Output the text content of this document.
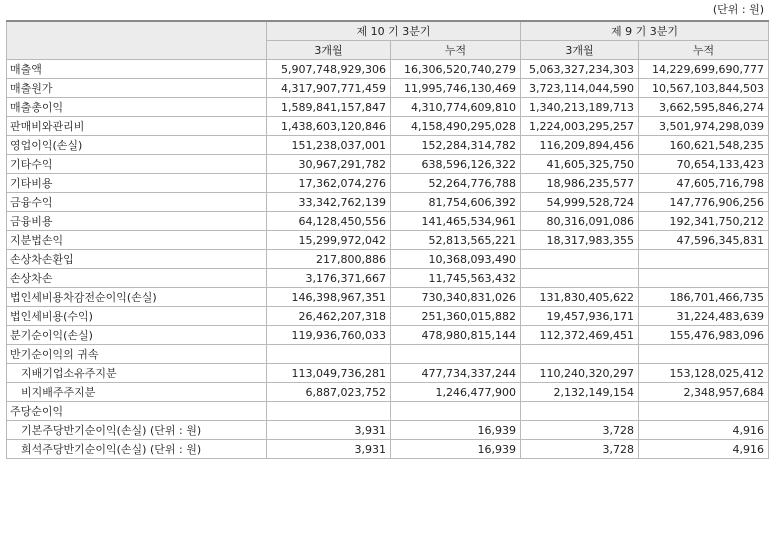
(단위 : 원)
	제 10 기 3분기		제 9 기 3분기	
	3개월	누적	3개월	누적
매출액	5,907,748,929,306	16,306,520,740,279	5,063,327,234,303	14,229,699,690,777
매출원가	4,317,907,771,459	11,995,746,130,469	3,723,114,044,590	10,567,103,844,503
매출총이익	1,589,841,157,847	4,310,774,609,810	1,340,213,189,713	3,662,595,846,274
판매비와관리비	1,438,603,120,846	4,158,490,295,028	1,224,003,295,257	3,501,974,298,039
영업이익(손실)	151,238,037,001	152,284,314,782	116,209,894,456	160,621,548,235
기타수익	30,967,291,782	638,596,126,322	41,605,325,750	70,654,133,423
기타비용	17,362,074,276	52,264,776,788	18,986,235,577	47,605,716,798
금융수익	33,342,762,139	81,754,606,392	54,999,528,724	147,776,906,256
금융비용	64,128,450,556	141,465,534,961	80,316,091,086	192,341,750,212
지분법손익	15,299,972,042	52,813,565,221	18,317,983,355	47,596,345,831
손상차손환입	217,800,886	10,368,093,490		
손상차손	3,176,371,667	11,745,563,432		
법인세비용차감전순이익(손실)	146,398,967,351	730,340,831,026	131,830,405,622	186,701,466,735
법인세비용(수익)	26,462,207,318	251,360,015,882	19,457,936,171	31,224,483,639
분기순이익(손실)	119,936,760,033	478,980,815,144	112,372,469,451	155,476,983,096
반기순이익의 귀속				
지배기업소유주지분	113,049,736,281	477,734,337,244	110,240,320,297	153,128,025,412
비지배주주지분	6,887,023,752	1,246,477,900	2,132,149,154	2,348,957,684
주당순이익				
기본주당반기순이익(손실) (단위 : 원)	3,931	16,939	3,728	4,916
희석주당반기순이익(손실) (단위 : 원)	3,931	16,939	3,728	4,916
